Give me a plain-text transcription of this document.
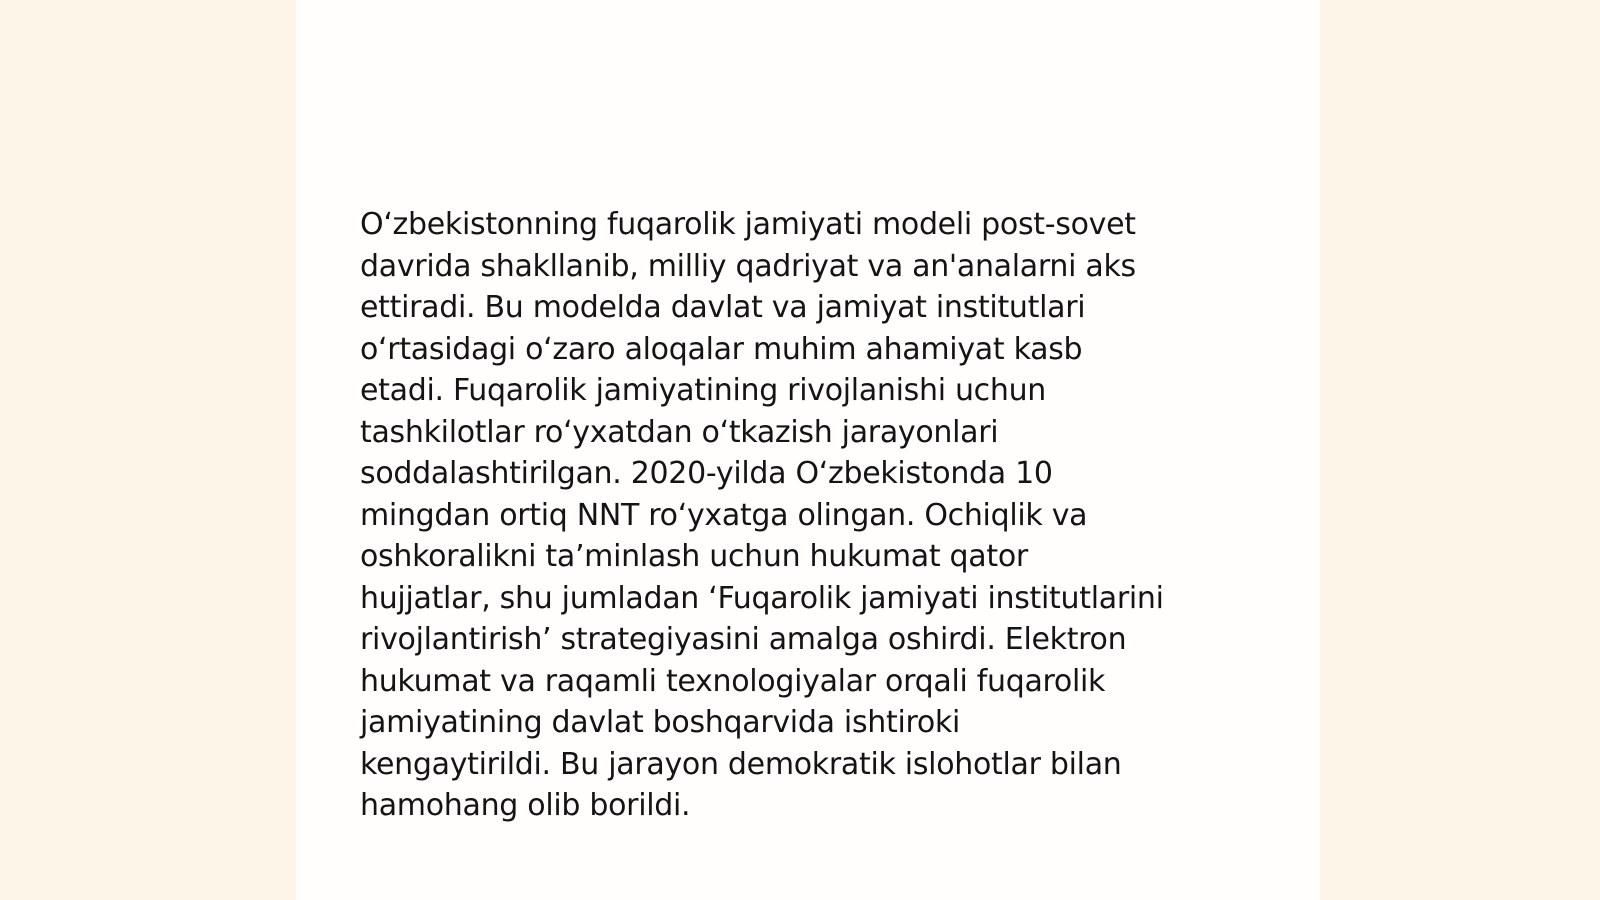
O‘zbekistonning fuqarolik jamiyati modeli post-sovet
davrida shakllanib, milliy qadriyat va an'analarni aks
ettiradi. Bu modelda davlat va jamiyat institutlari
o‘rtasidagi o‘zaro aloqalar muhim ahamiyat kasb
etadi. Fuqarolik jamiyatining rivojlanishi uchun
tashkilotlar ro‘yxatdan o‘tkazish jarayonlari
soddalashtirilgan. 2020-yilda O‘zbekistonda 10
mingdan ortiq NNT ro‘yxatga olingan. Ochiqlik va
oshkoralikni ta’minlash uchun hukumat qator
hujjatlar, shu jumladan ‘Fuqarolik jamiyati institutlarini
rivojlantirish’ strategiyasini amalga oshirdi. Elektron
hukumat va raqamli texnologiyalar orqali fuqarolik
jamiyatining davlat boshqarvida ishtiroki
kengaytirildi. Bu jarayon demokratik islohotlar bilan
hamohang olib borildi.
